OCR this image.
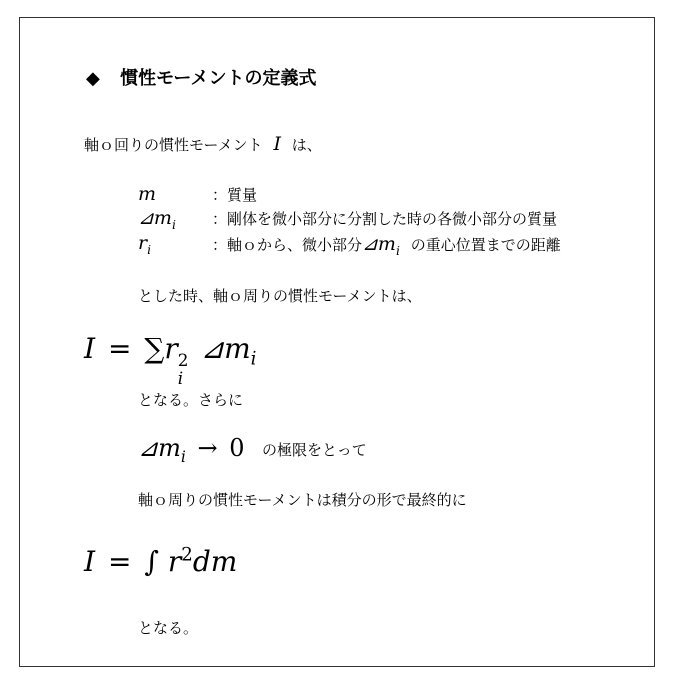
◆ 慣性モーメントの定義式
軸ｏ回りの慣性モーメント I は、
m	：質量
$⊿m_i$ ：剛体を微小部分に分割した時の各微小部分の質量
$r_i$	：軸ｏから、微小部分$⊿m_i$ の重心位置までの距離
とした時、軸ｏ周りの慣性モーメントは、
I = ∑r 2
i
$⊿m_i$
となる。さらに
$⊿m_i \to 0$ の極限をとって
軸ｏ周りの慣性モーメントは積分の形で最終的に
I = ∫ $r^2dm$
となる。
